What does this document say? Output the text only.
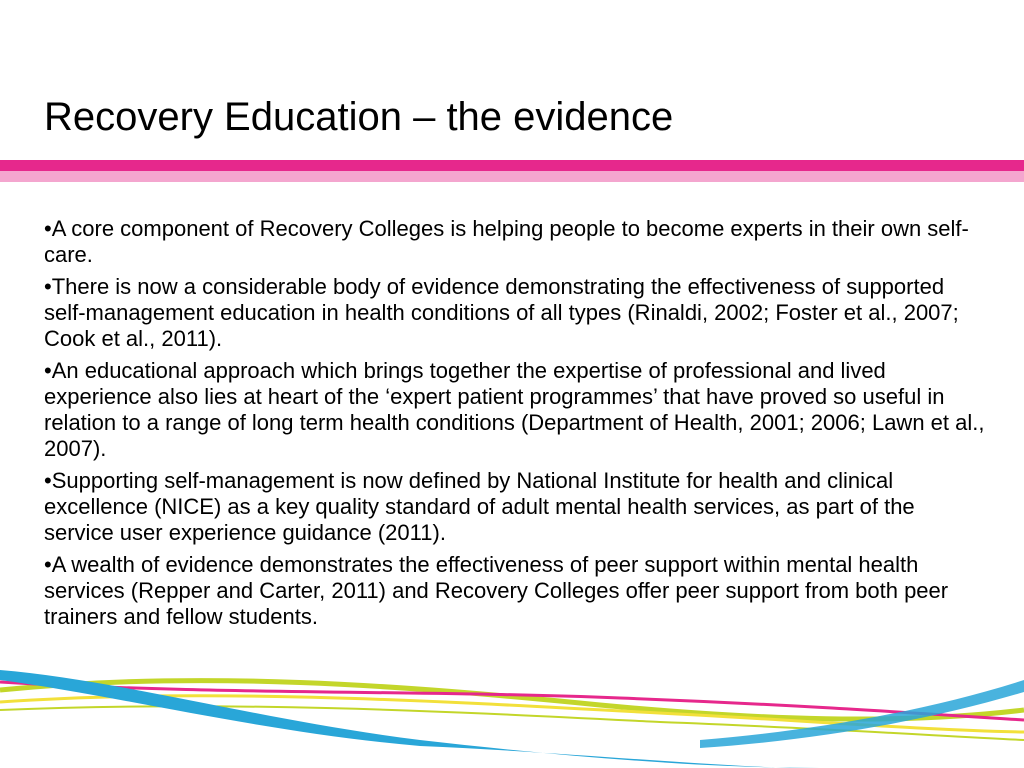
Recovery Education – the evidence
•A core component of Recovery Colleges is helping people to become experts in their own self-care.
•There is now a considerable body of evidence demonstrating the effectiveness of supported self-management education in health conditions of all types (Rinaldi, 2002; Foster et al., 2007; Cook et al., 2011).
•An educational approach which brings together the expertise of professional and lived experience also lies at heart of the ‘expert patient programmes’ that have proved so useful in relation to a range of long term health conditions (Department of Health, 2001; 2006; Lawn et al., 2007).
•Supporting self-management is now defined by National Institute for health and clinical excellence (NICE) as a key quality standard of adult mental health services, as part of the service user experience guidance (2011).
•A wealth of evidence demonstrates the effectiveness of peer support within mental health services (Repper and Carter, 2011) and Recovery Colleges offer peer support from both peer trainers and fellow students.
